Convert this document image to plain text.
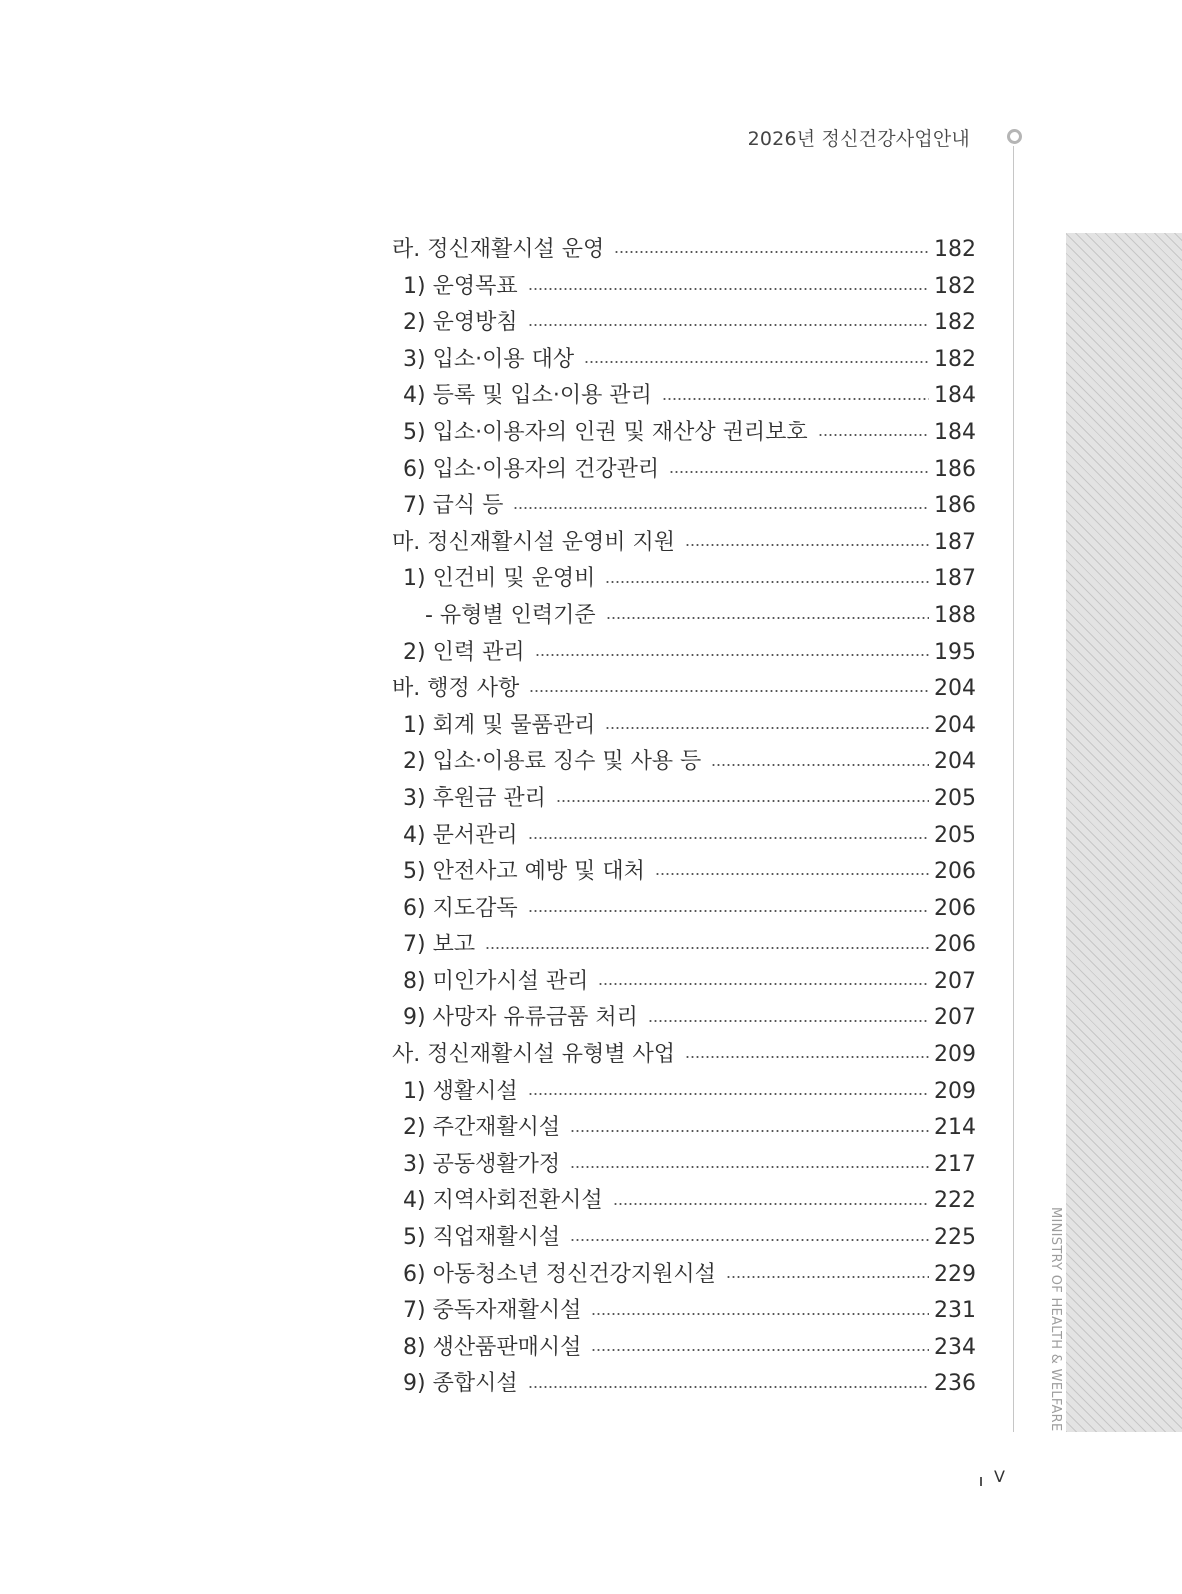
2026년 정신건강사업안내
MINISTRY OF HEALTH & WELFARE
라. 정신재활시설 운영	182
1) 운영목표	182
2) 운영방침	182
3) 입소·이용 대상	182
4) 등록 및 입소·이용 관리	184
5) 입소·이용자의 인권 및 재산상 권리보호	184
6) 입소·이용자의 건강관리	186
7) 급식 등	186
마. 정신재활시설 운영비 지원	187
1) 인건비 및 운영비	187
- 유형별 인력기준	188
2) 인력 관리	195
바. 행정 사항	204
1) 회계 및 물품관리	204
2) 입소·이용료 징수 및 사용 등	204
3) 후원금 관리	205
4) 문서관리	205
5) 안전사고 예방 및 대처	206
6) 지도감독	206
7) 보고	206
8) 미인가시설 관리	207
9) 사망자 유류금품 처리	207
사. 정신재활시설 유형별 사업	209
1) 생활시설	209
2) 주간재활시설	214
3) 공동생활가정	217
4) 지역사회전환시설	222
5) 직업재활시설	225
6) 아동청소년 정신건강지원시설	229
7) 중독자재활시설	231
8) 생산품판매시설	234
9) 종합시설	236
V
